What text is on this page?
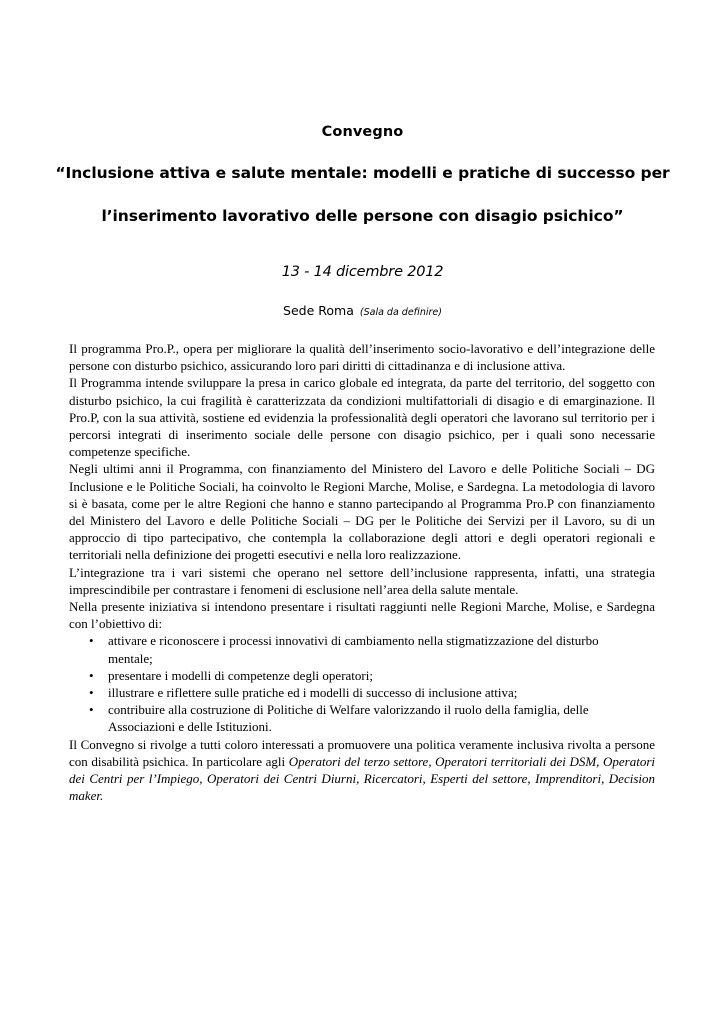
Convegno
“Inclusione attiva e salute mentale: modelli e pratiche di successo per
l’inserimento lavorativo delle persone con disagio psichico”
13 - 14 dicembre 2012
Sede Roma (Sala da definire)

Il programma Pro.P., opera per migliorare la qualità dell’inserimento socio-lavorativo e dell’integrazione delle persone con disturbo psichico, assicurando loro pari diritti di cittadinanza e di inclusione attiva.

Il Programma intende sviluppare la presa in carico globale ed integrata, da parte del territorio, del soggetto con disturbo psichico, la cui fragilità è caratterizzata da condizioni multifattoriali di disagio e di emarginazione. Il Pro.P, con la sua attività, sostiene ed evidenzia la professionalità degli operatori che lavorano sul territorio per i percorsi integrati di inserimento sociale delle persone con disagio psichico, per i quali sono necessarie competenze specifiche.

Negli ultimi anni il Programma, con finanziamento del Ministero del Lavoro e delle Politiche Sociali – DG Inclusione e le Politiche Sociali, ha coinvolto le Regioni Marche, Molise, e Sardegna. La metodologia di lavoro si è basata, come per le altre Regioni che hanno e stanno partecipando al Programma Pro.P con finanziamento del Ministero del Lavoro e delle Politiche Sociali – DG per le Politiche dei Servizi per il Lavoro, su di un approccio di tipo partecipativo, che contempla la collaborazione degli attori e degli operatori regionali e territoriali nella definizione dei progetti esecutivi e nella loro realizzazione.

L’integrazione tra i vari sistemi che operano nel settore dell’inclusione rappresenta, infatti, una strategia imprescindibile per contrastare i fenomeni di esclusione nell’area della salute mentale.

Nella presente iniziativa si intendono presentare i risultati raggiunti nelle Regioni Marche, Molise, e Sardegna con l’obiettivo di:

• attivare e riconoscere i processi innovativi di cambiamento nella stigmatizzazione del disturbo
mentale;
• presentare i modelli di competenze degli operatori;
• illustrare e riflettere sulle pratiche ed i modelli di successo di inclusione attiva;
• contribuire alla costruzione di Politiche di Welfare valorizzando il ruolo della famiglia, delle
Associazioni e delle Istituzioni.

Il Convegno si rivolge a tutti coloro interessati a promuovere una politica veramente inclusiva rivolta a persone con disabilità psichica. In particolare agli Operatori del terzo settore, Operatori territoriali dei DSM, Operatori dei Centri per l’Impiego, Operatori dei Centri Diurni, Ricercatori, Esperti del settore, Imprenditori, Decision maker.
